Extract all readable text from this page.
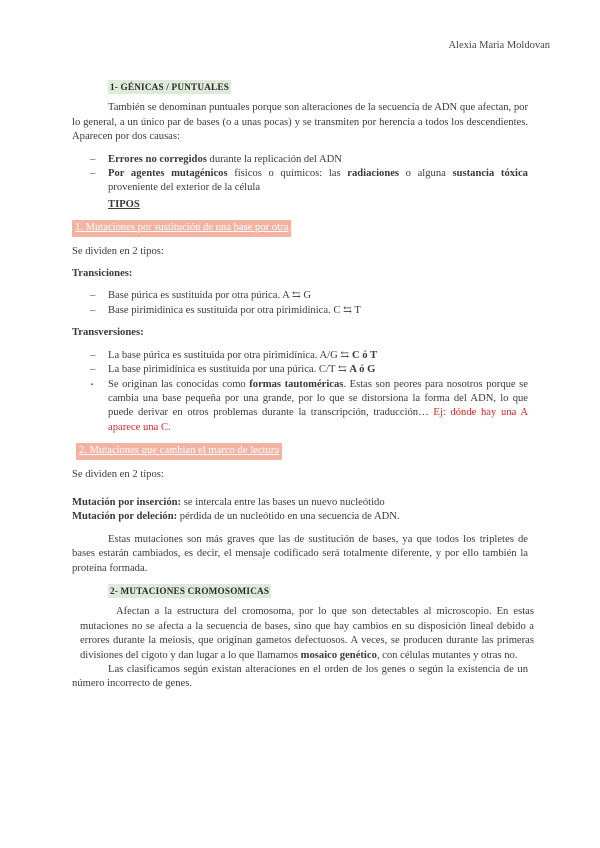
Alexia Maria Moldovan
1- GÉNICAS / PUNTUALES

También se denominan puntuales porque son alteraciones de la secuencia de ADN que afectan, por lo general, a un único par de bases (o a unas pocas) y se transmiten por herencia a todos los descendientes. Aparecen por dos causas:

– Errores no corregidos durante la replicación del ADN
– Por agentes mutagénicos físicos o químicos: las radiaciones o alguna sustancia tóxica proveniente del exterior de la célula
TIPOS
1. Mutaciones por sustitución de una base por otra

Se dividen en 2 tipos:

Transiciones:

– Base púrica es sustituida por otra púrica. A ⇆ G
– Base pirimidínica es sustituida por otra pirimidínica. C ⇆ T

Transversiones:

– La base púrica es sustituida por otra pirimidínica. A/G ⇆ C ó T
– La base pirimidínica es sustituida por una púrica. C/T ⇆ A ó G
▪ Se originan las conocidas como formas tautoméricas. Estas son peores para nosotros porque se cambia una base pequeña por una grande, por lo que se distorsiona la forma del ADN, lo que puede derivar en otros problemas durante la transcripción, traducción… Ej: dónde hay una A aparece una C.
2. Mutaciones que cambian el marco de lectura

Se dividen en 2 tipos:

Mutación por inserción: se intercala entre las bases un nuevo nucleótido

Mutación por deleción: pérdida de un nucleótido en una secuencia de ADN.

Estas mutaciones son más graves que las de sustitución de bases, ya que todos los tripletes de bases estarán cambiados, es decir, el mensaje codificado será totalmente diferente, y por ello también la proteína formada.

2- MUTACIONES CROMOSOMICAS

Afectan a la estructura del cromosoma, por lo que son detectables al microscopio. En estas mutaciones no se afecta a la secuencia de bases, sino que hay cambios en su disposición lineal debido a errores durante la meiosis, que originan gametos defectuosos. A veces, se producen durante las primeras divisiones del cigoto y dan lugar a lo que llamamos mosaico genético, con células mutantes y otras no.

Las clasificamos según existan alteraciones en el orden de los genes o según la existencia de un número incorrecto de genes.
